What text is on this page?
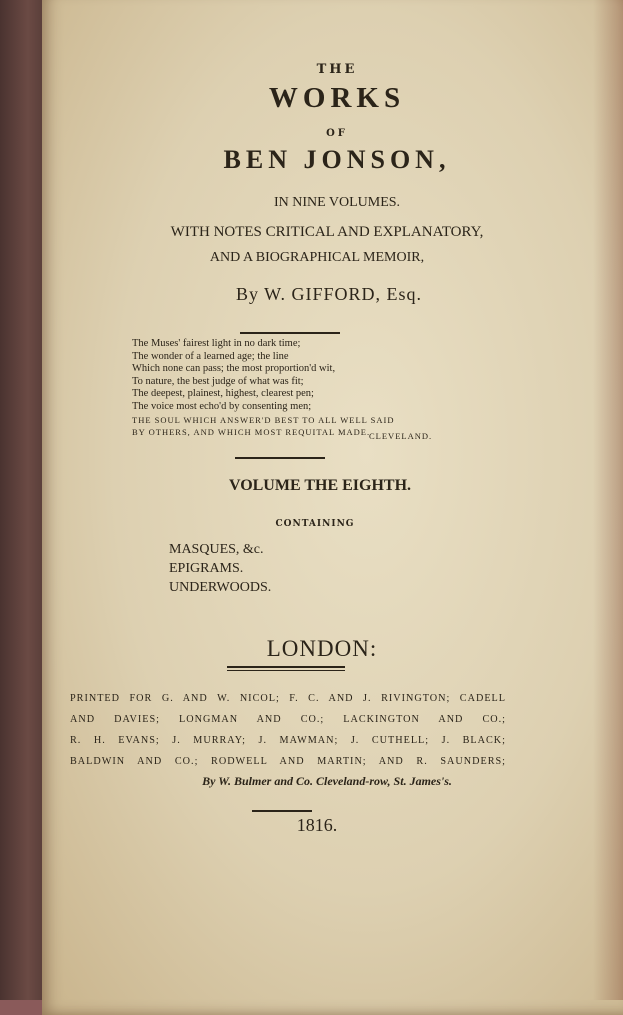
THE
WORKS
OF
BEN JONSON,
IN NINE VOLUMES.
WITH NOTES CRITICAL AND EXPLANATORY,
AND A BIOGRAPHICAL MEMOIR,
By W. GIFFORD, Esq.
The Muses' fairest light in no dark time;
The wonder of a learned age; the line
Which none can pass; the most proportion'd wit,
To nature, the best judge of what was fit;
The deepest, plainest, highest, clearest pen;
The voice most echo'd by consenting men;
THE SOUL WHICH ANSWER'D BEST TO ALL WELL SAID
BY OTHERS, AND WHICH MOST REQUITAL MADE.
CLEVELAND.
VOLUME THE EIGHTH.
CONTAINING
MASQUES, &c.
EPIGRAMS.
UNDERWOODS.
LONDON:
PRINTED FOR G. AND W. NICOL; F. C. AND J. RIVINGTON; CADELL
AND DAVIES; LONGMAN AND CO.; LACKINGTON AND CO.;
R. H. EVANS; J. MURRAY; J. MAWMAN; J. CUTHELL; J. BLACK;
BALDWIN AND CO.; RODWELL AND MARTIN; AND R. SAUNDERS;
By W. Bulmer and Co. Cleveland-row, St. James's.
1816.
